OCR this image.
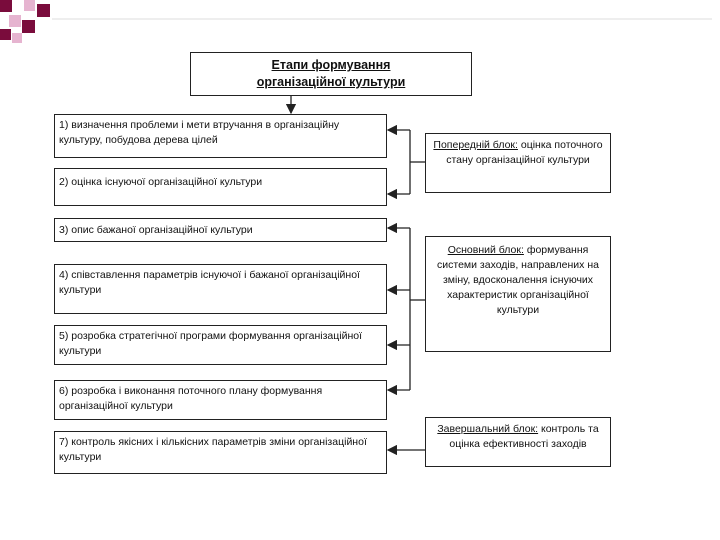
Етапи формування
організаційної культури
1) визначення проблеми і мети втручання в організаційну культуру, побудова дерева цілей
2) оцінка існуючої організаційної культури
3) опис бажаної організаційної культури
4) співставлення параметрів існуючої і бажаної організаційної культури
5) розробка стратегічної програми формування організаційної культури
6) розробка і виконання поточного плану формування організаційної культури
7) контроль якісних і кількісних параметрів зміни організаційної культури
Попередній блок: оцінка поточного стану організаційної культури
Основний блок: формування системи заходів, направлених на зміну, вдосконалення існуючих характеристик організаційної культури
Завершальний блок: контроль та оцінка ефективності заходів
